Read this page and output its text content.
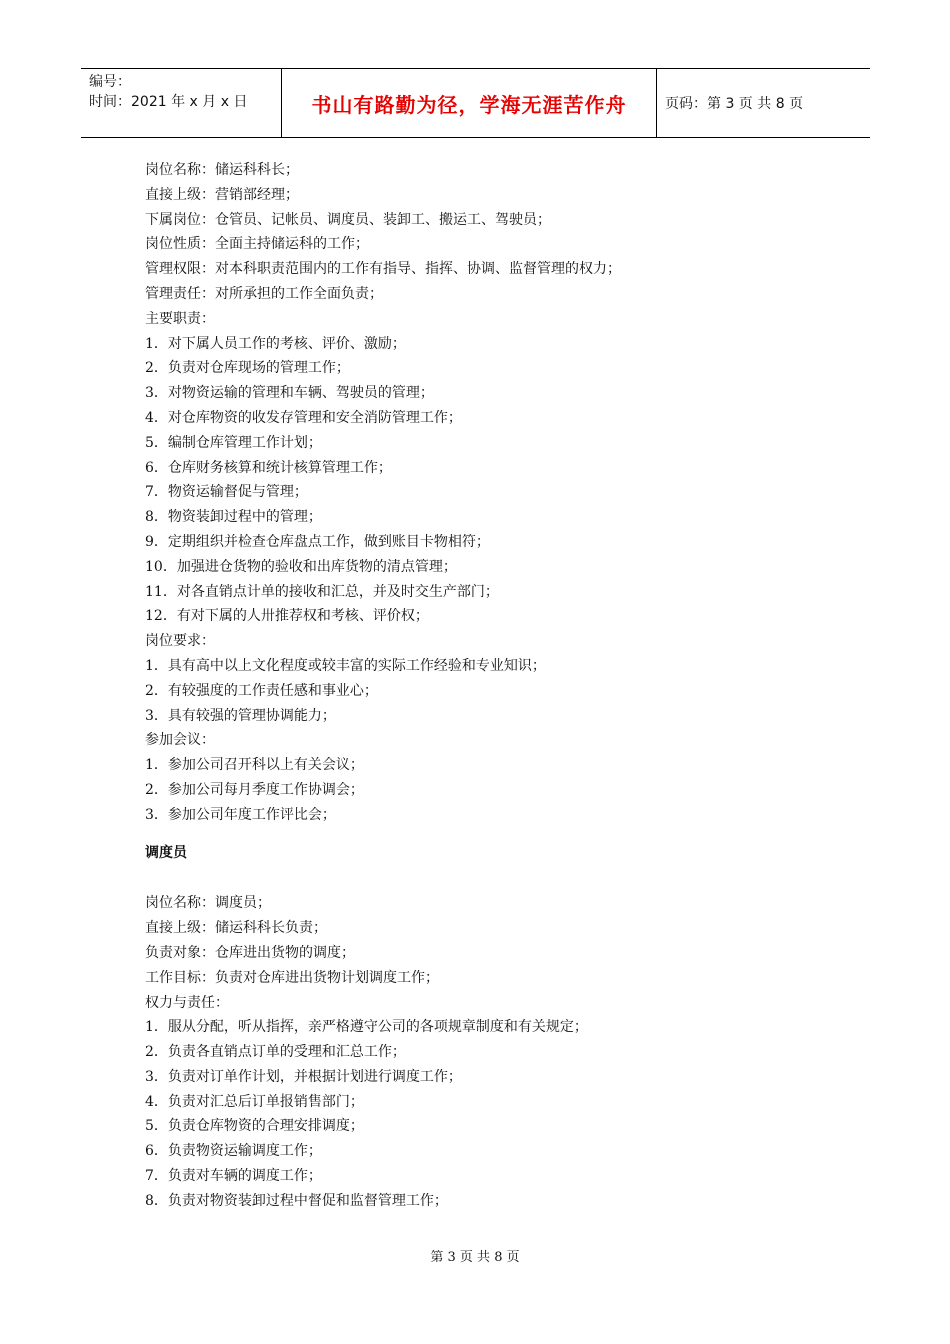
编号：
时间：2021 年 x 月 x 日	书山有路勤为径，学海无涯苦作舟	页码：第 3 页 共 8 页
岗位名称：储运科科长；
直接上级：营销部经理；
下属岗位：仓管员、记帐员、调度员、装卸工、搬运工、驾驶员；
岗位性质：全面主持储运科的工作；
管理权限：对本科职责范围内的工作有指导、指挥、协调、监督管理的权力；
管理责任：对所承担的工作全面负责；
主要职责：
1．对下属人员工作的考核、评价、激励；
2．负责对仓库现场的管理工作；
3．对物资运输的管理和车辆、驾驶员的管理；
4．对仓库物资的收发存管理和安全消防管理工作；
5．编制仓库管理工作计划；
6．仓库财务核算和统计核算管理工作；
7．物资运输督促与管理；
8．物资装卸过程中的管理；
9．定期组织并检查仓库盘点工作，做到账目卡物相符；
10．加强进仓货物的验收和出库货物的清点管理；
11．对各直销点计单的接收和汇总，并及时交生产部门；
12．有对下属的人卅推荐权和考核、评价权；
岗位要求：
1．具有高中以上文化程度或较丰富的实际工作经验和专业知识；
2．有较强度的工作责任感和事业心；
3．具有较强的管理协调能力；
参加会议：
1．参加公司召开科以上有关会议；
2．参加公司每月季度工作协调会；
3．参加公司年度工作评比会；
调度员
岗位名称：调度员；
直接上级：储运科科长负责；
负责对象：仓库进出货物的调度；
工作目标：负责对仓库进出货物计划调度工作；
权力与责任：
1．服从分配，听从指挥，亲严格遵守公司的各项规章制度和有关规定；
2．负责各直销点订单的受理和汇总工作；
3．负责对订单作计划，并根据计划进行调度工作；
4．负责对汇总后订单报销售部门；
5．负责仓库物资的合理安排调度；
6．负责物资运输调度工作；
7．负责对车辆的调度工作；
8．负责对物资装卸过程中督促和监督管理工作；
第 3 页 共 8 页
